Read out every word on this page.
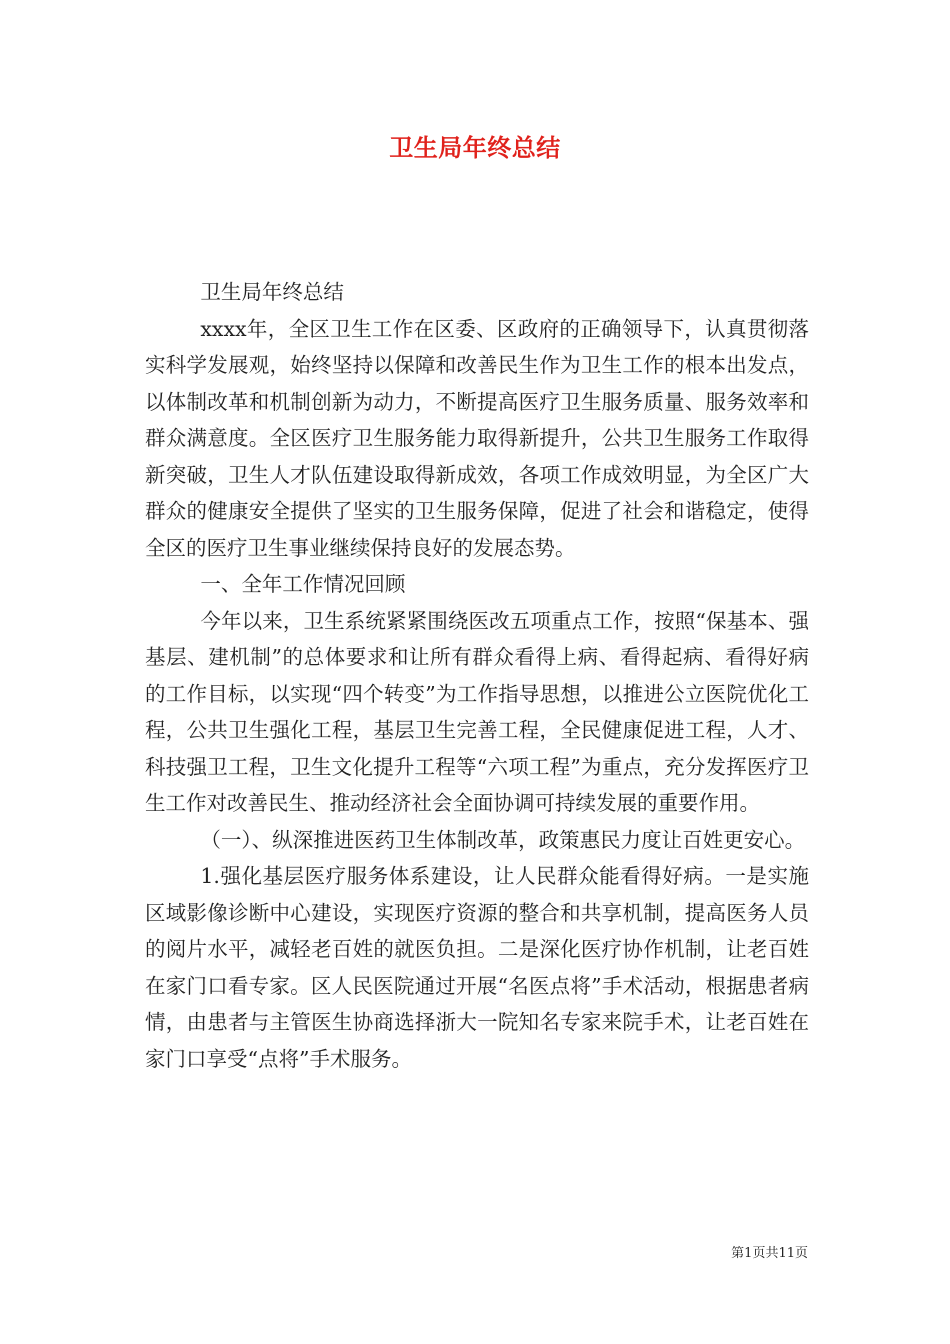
卫生局年终总结

卫生局年终总结

xxxx年，全区卫生工作在区委、区政府的正确领导下，认真贯彻落实科学发展观，始终坚持以保障和改善民生作为卫生工作的根本出发点，以体制改革和机制创新为动力，不断提高医疗卫生服务质量、服务效率和群众满意度。全区医疗卫生服务能力取得新提升，公共卫生服务工作取得新突破，卫生人才队伍建设取得新成效，各项工作成效明显，为全区广大群众的健康安全提供了坚实的卫生服务保障，促进了社会和谐稳定，使得全区的医疗卫生事业继续保持良好的发展态势。

一、全年工作情况回顾

今年以来，卫生系统紧紧围绕医改五项重点工作，按照“保基本、强基层、建机制”的总体要求和让所有群众看得上病、看得起病、看得好病的工作目标，以实现“四个转变”为工作指导思想，以推进公立医院优化工程，公共卫生强化工程，基层卫生完善工程，全民健康促进工程，人才、科技强卫工程，卫生文化提升工程等“六项工程”为重点，充分发挥医疗卫生工作对改善民生、推动经济社会全面协调可持续发展的重要作用。

（一）、纵深推进医药卫生体制改革，政策惠民力度让百姓更安心。

1.强化基层医疗服务体系建设，让人民群众能看得好病。一是实施区域影像诊断中心建设，实现医疗资源的整合和共享机制，提高医务人员的阅片水平，减轻老百姓的就医负担。二是深化医疗协作机制，让老百姓在家门口看专家。区人民医院通过开展“名医点将”手术活动，根据患者病情，由患者与主管医生协商选择浙大一院知名专家来院手术，让老百姓在家门口享受“点将”手术服务。

第1页共11页
